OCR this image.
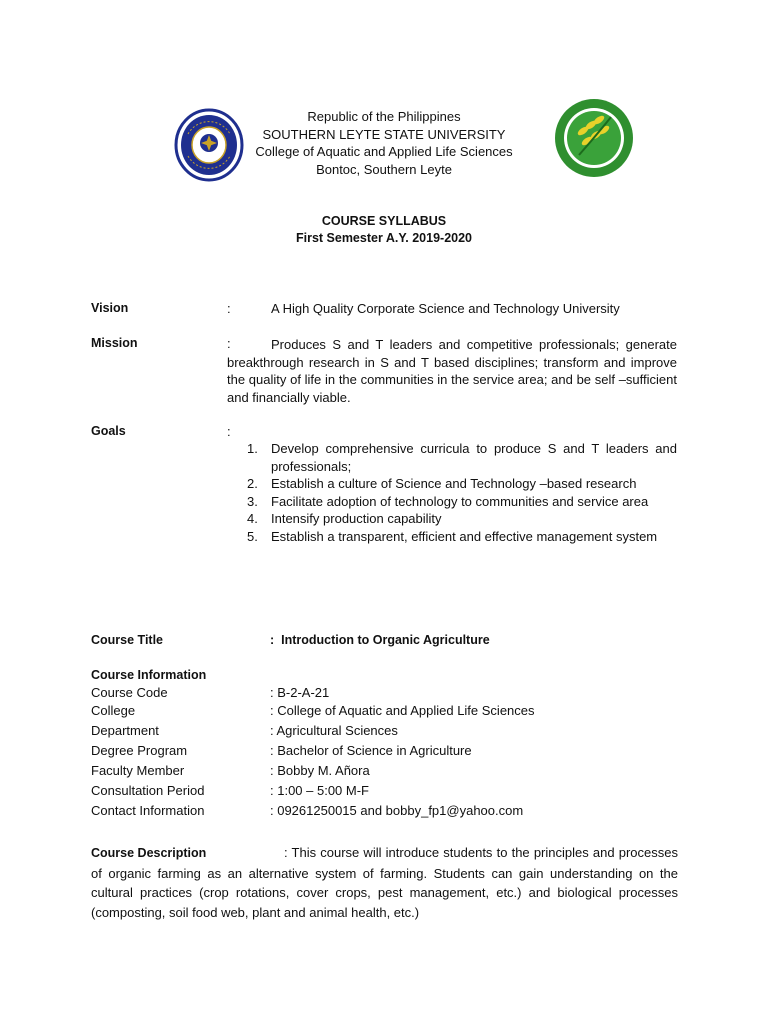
Republic of the Philippines
SOUTHERN LEYTE STATE UNIVERSITY
College of Aquatic and Applied Life Sciences
Bontoc, Southern Leyte
COURSE SYLLABUS
First Semester A.Y. 2019-2020
Vision	:	A High Quality Corporate Science and Technology University
Mission	:	Produces S and T leaders and competitive professionals; generate breakthrough research in S and T based disciplines; transform and improve the quality of life in the communities in the service area; and be self –sufficient and financially viable.
Goals	:
1. Develop comprehensive curricula to produce S and T leaders and professionals;
2. Establish a culture of Science and Technology –based research
3. Facilitate adoption of technology to communities and service area
4. Intensify production capability
5. Establish a transparent, efficient and effective management system
Course Title	:  Introduction to Organic Agriculture
Course Information
Course Code	: B-2-A-21
College	: College of Aquatic and Applied Life Sciences
Department	: Agricultural Sciences
Degree Program	: Bachelor of Science in Agriculture
Faculty Member	: Bobby M. Añora
Consultation Period	: 1:00 – 5:00 M-F
Contact Information	: 09261250015 and bobby_fp1@yahoo.com
Course Description	: This course will introduce students to the principles and processes of organic farming as an alternative system of farming. Students can gain understanding on the cultural practices (crop rotations, cover crops, pest management, etc.) and biological processes (composting, soil food web, plant and animal health, etc.)
